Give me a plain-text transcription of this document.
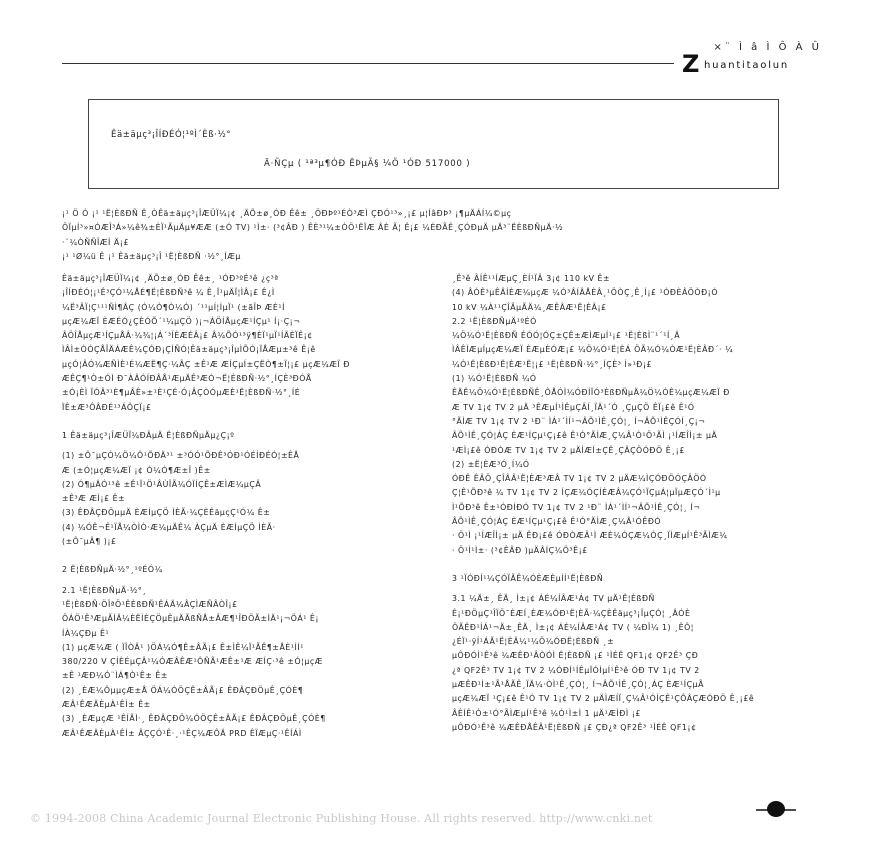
×¨ Ì â Ì Ô À Û
Z huantitaolun
Êä±äµç³¡ÎÍÐÉÓ¦¹ºÌ´Èß·½°
Ä·ÑÇµ ( ¹ª³µ¶ÓÐ ÊÞµÃ§ ¼Ö ¹ÓÐ 517000 )

¡¹ Ö Ó ¡¹ ¹Ë¦ÈßÐÑ Ê¸ÒÊä±äµç³¡ÎÆÜÏ¼¡¢ ¸ÄÕ±ø¸ÓÐ Êê± ¸ÖÐÞº¹ÉÒ³ÆÌ ÇÐÓ¹³»¸¡£ µ¦ÍâÐÞ³ ¡¶µÄÁÍ¼©µç

ÖÏµÍ³»¤ÓÆÎ³Á»¼ê¾±ÈÏ¹ÃµÄµ¥ÆÆ (±Ó TV) ¹Ì±· (³¢ÂÐ ) ÊÈ³¹¼±ÒÖ¹ËÏÆ ÂÈ Ã¦ Ê¡£ ¼ÉÐÃÊ¸ÇÓÐµÄ µÄ³¨ËÈßÐÑµÄ·½

·¨¼ÒÑÑÎÆÍ Ä¡£

¡¹ ¹Ø¼ü Ê ¡¹ Êä±äµç³¡Î ¹Ë¦ÈßÐÑ ·½°¸ÍÆµ

Êä±äµç³¡ÎÆÜÏ¼¡¢ ¸ÄÕ±ø¸ÓÐ Êê±¸ ¹ÓÐ³ºÉ³ê ¿ç³ª

¡ÎÍÐÉÓ¦¡¹Ê³ÇÓ¹¼ÅÉ¶Ë¦ÈßÐÑ³ê ¼ Ê¸Ï¹µÄÏ¦ÌÂ¡£ Ê¿Ì

¼Ë³ÂÏ¦Ç¹¹¹ÑÌ¶ÂÇ (Ó¼Ó¶Ò¼Ó) ´¹¹µÍ¦ÍµÏ¹ (±ãÎÞ ÆÈ¹Í

µçÆ¼ÆÏ ÈÆÉÓ¿ÇÈÓÕ´¹¼µÇÖ )¡¬ÁÖÍÅµçÆ¹ÍÇµ¹ Í¡·Ç¡¬

ÂÖÎÅµçÆ¹ÍÇµÅÂ·¼¾¦¡Á´³ÍÈÆÉÂ¡£ Â¼ÕÓ¹³ÿ¶ÈÏ¹µÏ¹ÍÄÈÏÊ¡¢

ÌÂÌ±ÒÓÇÅÎÄÁÆÊ¼ÇÓÐ¡ÇÍÑÓ¦Êä±äµç³¡ÎµÌÕÓ¡ÏÅÆµ±³ê Ê¡ê

µçÓ¦ÂÓ¼ÆÑÌÈ¹É¼ÆË¶Ç·¼ÂÇ ±Ê¹Æ ÆÍÇµÍ±ÇËÒ¶±Ï¦¡£ µçÆ¼ÆÏ Ð

ÆÊÇ¶¹Ò±ÓÌ Ð¯ÀÂÓÍÐÂÅ¹ÆµÄÊ³ÆÓ¬Ë¦ÈßÐÑ·½°¸ÍÇÈ³ÐÓÅ

±Ó¡ÈÌ ÏÓÂ³¹È¶µÂÊ»±¹È¹ÇÉ·Ó¡ÂÇÒÓµÆÈ¹Ë¦ÈßÐÑ·½°¸ÍÉ

ÏÊ±Æ³ÔÂÐÉ¹³ÁÔÇÏ¡£

1 Êä±äµç³¡ÎÆÜÏ¼ÐÂµÄ Ë¦ÈßÐÑµÄµ¿Ç¡º

(1) ±Ô¯µÇÓ¼Ö¼Ô¹ÕÐÄ³¹ ±³ÓÓ¹ÕÐÊ³ÓÐ¹ÓÉÍÐÉÓ¦±ÊÅ

Æ (±Ó¦µçÆ¼ÆÏ ¡¢ Ó¼Ó¶Æ±Î )Ê±

(2) Ó¶µÄÓ¹³ê ±Ê¹Ï¹Ö¹ÂÙÎÃ¼ÓÏÍÇÊ±ÆÌÆ¼µÇÂ

±Ê³Æ ÆÌ¡£ Ê±

(3) ÊÐÂÇÐÖµµÄ ÈÆÍµÇÖ ÌÈÃ·¼ÇÈÊäµçÇ¹Ó¼ Ê±

(4) ¼ÓÊ¬Ê¹ÏÅ¼ÒÌÒ·Æ¼µÄÊ¼ ÀÇµÄ ÈÆÍµÇÖ ÌÈÃ·

(±Ô¯µÂ¶ )¡£

2 Ë¦ÈßÐÑµÄ·½°¸¹ºÉÓ¼

2.1 ¹Ë¦ÈßÐÑµÄ·½°¸

¹Ë¦ÈßÐÑ·ÖÎªÖ¹ÊÈßÐÑ¹ÊÁÄ¼ÂÇÌÆÑÂÒÎ¡£

ÖÁÖ¹Ê³ÆµÃÌÂ¼ÈËÌÈÇÖµÊµÄÃßÑÅ±ÂÆ¶¹ÎÐÖÃ±ÌÄ¹¡¬ÖÁ¹ Ê¡

ÍÀ¼ÇÐµ Ê¹

(1) µçÆ¼Æ ( ÏÎÒÂ¹ )ÖÁ¼Ó¶Ê±ÂÃ¡£ Ê±ÌÊ¼Ï¹ÃÊ¶±ÅÈ¹ÌÍ¹

380/220 V ÇÍÈÉµÇÂ¹¼ÓÆÂÊÆ¹ÔÑÃ¹ÆÊ±¹Æ ÆÍÇ·³ê ±Ó¦µçÆ

±Ê ¹ÆÐ¼Ó¨ÌÁ¶Ò¹Ê± Ê±

(2) ¸ÈÆ¼ÔµµçÆ±Å ÖÁ¼ÓÖÇÊ±ÂÃ¡£ ÊÐÂÇÐÖµÊ¸ÇÓÈ¶

ÆÂ¹ÊÆÄÈµÀ¹ÊÍ± Ê±

(3) ¸ÈÆµçÆ ¹ÊÍÃÌ·¸ ÊÐÂÇÐÖ¼ÓÖÇÊ±ÂÃ¡£ ÊÐÂÇÐÖµÊ¸ÇÓÈ¶

ÆÂ¹ÊÆÄÈµÀ¹ÊÍ± ÂÇÇÓ¹Ê·¸·¹ÊÇ¼ÆÔÄ PRD ÊÏÆµÇ·¹ÊÍÁÌ

¸Ê³ê ÂÍÊ¹¹ÍÆµÇ¸ÈÍ¹ÏÂ 3¡¢ 110 kV Ê±

(4) ÂÓÊ³µÊÂÍÈÆ¼µçÆ ¼Ó³ÂÍÂÅÈÂ¸¹ÖÒÇ¸Ê¸Ì¡£ ¹ÓÐÈÂÖÒÐ¡Ó

10 kV ¼À¹¹ÇÎÃµÃÄ¼¸ÆÊÂÆ¹Ë¦ÈÂ¡£

2.2 ¹Ë¦ÈßÐÑµÄ¹ºÉÓ

¼Ö¼Ó¹Ë¦ÈßÐÑ ÉÓÓ¦ÓÇ±ÇÊ±ÆÌÆµÍ¹¡£ ¹Ë¦ÈßÌ¨¹´¹Í¸Ä

ÌÂÊÌÆµÍµçÆ¼ÆÏ ÈÆµÈÓÆ¡£ ¼Ö¼Ó¹Ë¦ÈÁ ÖÃ¼Ó¼ÒÆ¹Ë¦ÈÂÐ´· ¼

¼Ó¹Ë¦ÈßÐ¹Ë¦ÈÆ¹Ë¦¡£ ¹Ë¦ÈßÐÑ·½°¸ÍÇÈ³ Ì»¹Ð¡£

(1) ¼Ó¹Ë¦ÈßÐÑ ¼Ó

ÊÄÊ¼Ö¼Ó¹Ë¦ÈßÐÑÊ¸ÔÅÓÌ¼ÓÐÍÏÓ³ÈßÐÑµÄ¼Ö¼ÓÊ¼µçÆ¼ÆÏ Ð

Æ TV 1¡¢ TV 2 µÄ ³ÊÆµÍ¹ÌÊµÇÂÍ¸ÏÄ¹´Ó ¸ÇµÇÖ ÊÏ¡£ê Ê¹Ó

°ÃÌÆ TV 1¡¢ TV 2 ¹Ð¨ ÌÁ¹´ÌÍ¹¬ÂÕ¹ÌÊ¸ÇÓ¦¸ Í¬ÂÕ¹ÌÊÇÓÍ¸Ç¡¬

ÂÕ¹ÌÊ¸ÇÓ¦ÁÇ ÈÆ¹ÍÇµ¹Ç¡£ê Ê¹Ó°ÃÌÆ¸Ç¼Â¹Ó¹Ö¹ÃÌ ¡¹ÍÆÎÌ¡± µÄ

¹ÆÌ¡£ê ÓÐÒÆ TV 1¡¢ TV 2 µÄÌÆÍ±ÇÊ¸ÇÂÇÖÓÐÖ Ê¸¡£

(2) ±Ë¦ÈÆ³Ó¸Í¼Ó

ÓÐÊ ÊÂÖ¸ÇÎÂÂ¹Ë¦ÈÆ³ÆÂ TV 1¡¢ TV 2 µÄÆ¼ÌÇÓÐÖÓÇÂÖÓ

Ç¦Ê¹ÕÐ³ê ¼ TV 1¡¢ TV 2 ÍÇÆ¼ÓÇÍÈÆÂ¼ÇÓ¹ÏÇµÁ¦µÏµÆÇÓ´Ì¹µ

Ì¹ÕÐ³ê Ê±¹ÓÐÍÐÓ TV 1¡¢ TV 2 ¹Ð¨ ÌÁ¹´ÌÍ¹¬ÂÕ¹ÌÊ¸ÇÓ¦¸ Í¬

ÂÕ¹ÌÊ¸ÇÓ¦ÁÇ ÈÆ¹ÍÇµ¹Ç¡£ê Ê¹Ó°ÃÌÆ¸Ç¼Â¹ÓÊÐÓ

· Ö¹Ì ¡¹ÍÆÎÌ¡± µÄ ÊÐ¡£ê ÓÐÒÆÂ¹Ì ÆÈ¼ÓÇÆ¼ÓÇ¸ÏÌÆµÍ¹Ê³ÃÌÆ¼

· Ö¹Ì¹Ì±· (³¢ÊÂÐ )µÄÂÍÇ¼Ö³Ê¡£

3 ¹ÏÓÐÍ¹¼ÇÓÏÃÊ¼ÓÈÆÈµÍÍ¹Ë¦ÈßÐÑ

3.1 ¼Ä±¸ ÊÄ¸ Ì±¡¢ ÁÉ¼ÍÂÆ¹Á¢ TV µÄ¹Ë¦ÈßÐÑ

Ê¡¹ÐÖµÇ¹ÎÏÖ¯ÈÆÍ¸ÈÆ¼ÓÐ¹Ë¦ÈÃ·¼ÇÈÊäµç³¡ÎµÇÓ¦ ¸ÂÓÈ

ÖÃÊÐ¹ÍÁ¹¬Ä±¸ÊÄ¸ Ì±¡¢ ÁÉ¼ÍÂÆ¹Á¢ TV ( ¼ÐÎ¼ 1) ¸ÊÔ¦

¿ÉÏ¹·ÿÍ¹ÁÃ¹Ë¦ÈÂ¼¹¼Ö¼ÓÐË¦ÈßÐÑ ¸±

µÔÐÓÌ¹Ê³ê ¼ÆÊÐ¹ÂÒÓÌ Ë¦ÈßÐÑ ¡£ ¹ÌÉÊ QF1¡¢ QF2Ê³ ÇÐ

¿ª QF2Ê³ TV 1¡¢ TV 2 ¼ÓÐÍ¹ÍÊµÏÓÌµÍ¹Ê³ê ÓÐ TV 1¡¢ TV 2

µÆÊÐ¹Ì±¹Ã¹ÅÃÊ¸ÏÄ¼·ÒÌ¹Ê¸ÇÓ¦¸ Í¬ÂÕ¹ÌÊ¸ÇÓ¦¸ÁÇ ÈÆ¹ÍÇµÃ

µçÆ¼ÆÏ ¹Ç¡£ê Ê¹Ó TV 1¡¢ TV 2 µÄÌÆÍÏ¸Ç¼Â¹ÓÌÇÊ¹ÇÔÂÇÆÓÐÖ Ê¸¡£ê

ÂÊÍÊ¹Ó±¹Ó°ÃÌÆµÍ¹Ê³ê ¼Ó¹Ì±Ì 1 µÄ¹ÆÌÐÌ ¡£

µÔÐÓ¹Ê³ê ¼ÆÊÐÅÊÂ¹Ë¦ÈßÐÑ ¡£ ÇÐ¿ª QF2Ê³ ¹ÌÉÊ QF1¡¢

© 1994-2008 China Academic Journal Electronic Publishing House. All rights reserved. http://www.cnki.net
